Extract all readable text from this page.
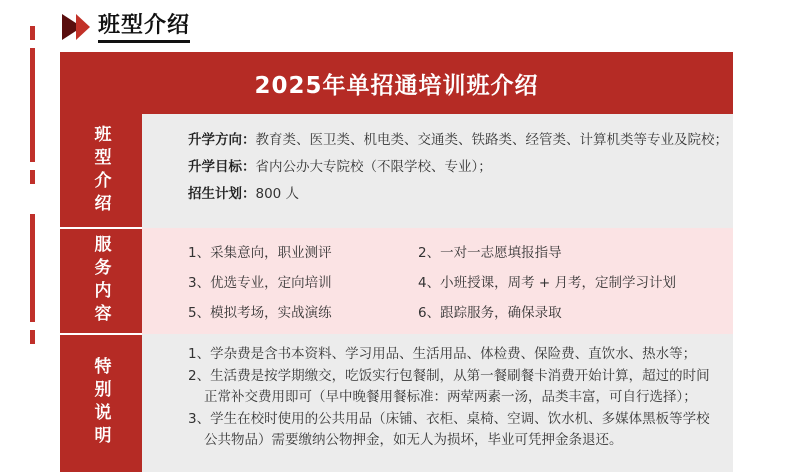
班型介绍
2025年单招通培训班介绍
班型介绍	升学方向： 教育类、医卫类、机电类、交通类、铁路类、经管类、计算机类等专业及院校；
升学目标： 省内公办大专院校（不限学校、专业）；
招生计划： 800 人
服务内容	1、采集意向，职业测评	2、一对一志愿填报指导
3、优选专业，定向培训	4、小班授课，周考 + 月考，定制学习计划
5、模拟考场，实战演练	6、跟踪服务，确保录取
特别说明
1、学杂费是含书本资料、学习用品、生活用品、体检费、保险费、直饮水、热水等；
2、生活费是按学期缴交，吃饭实行包餐制，从第一餐刷餐卡消费开始计算，超过的时间
正常补交费用即可（早中晚餐用餐标准：两荤两素一汤，品类丰富，可自行选择）；
3、学生在校时使用的公共用品（床铺、衣柜、桌椅、空调、饮水机、多媒体黑板等学校
公共物品）需要缴纳公物押金，如无人为损坏，毕业可凭押金条退还。
